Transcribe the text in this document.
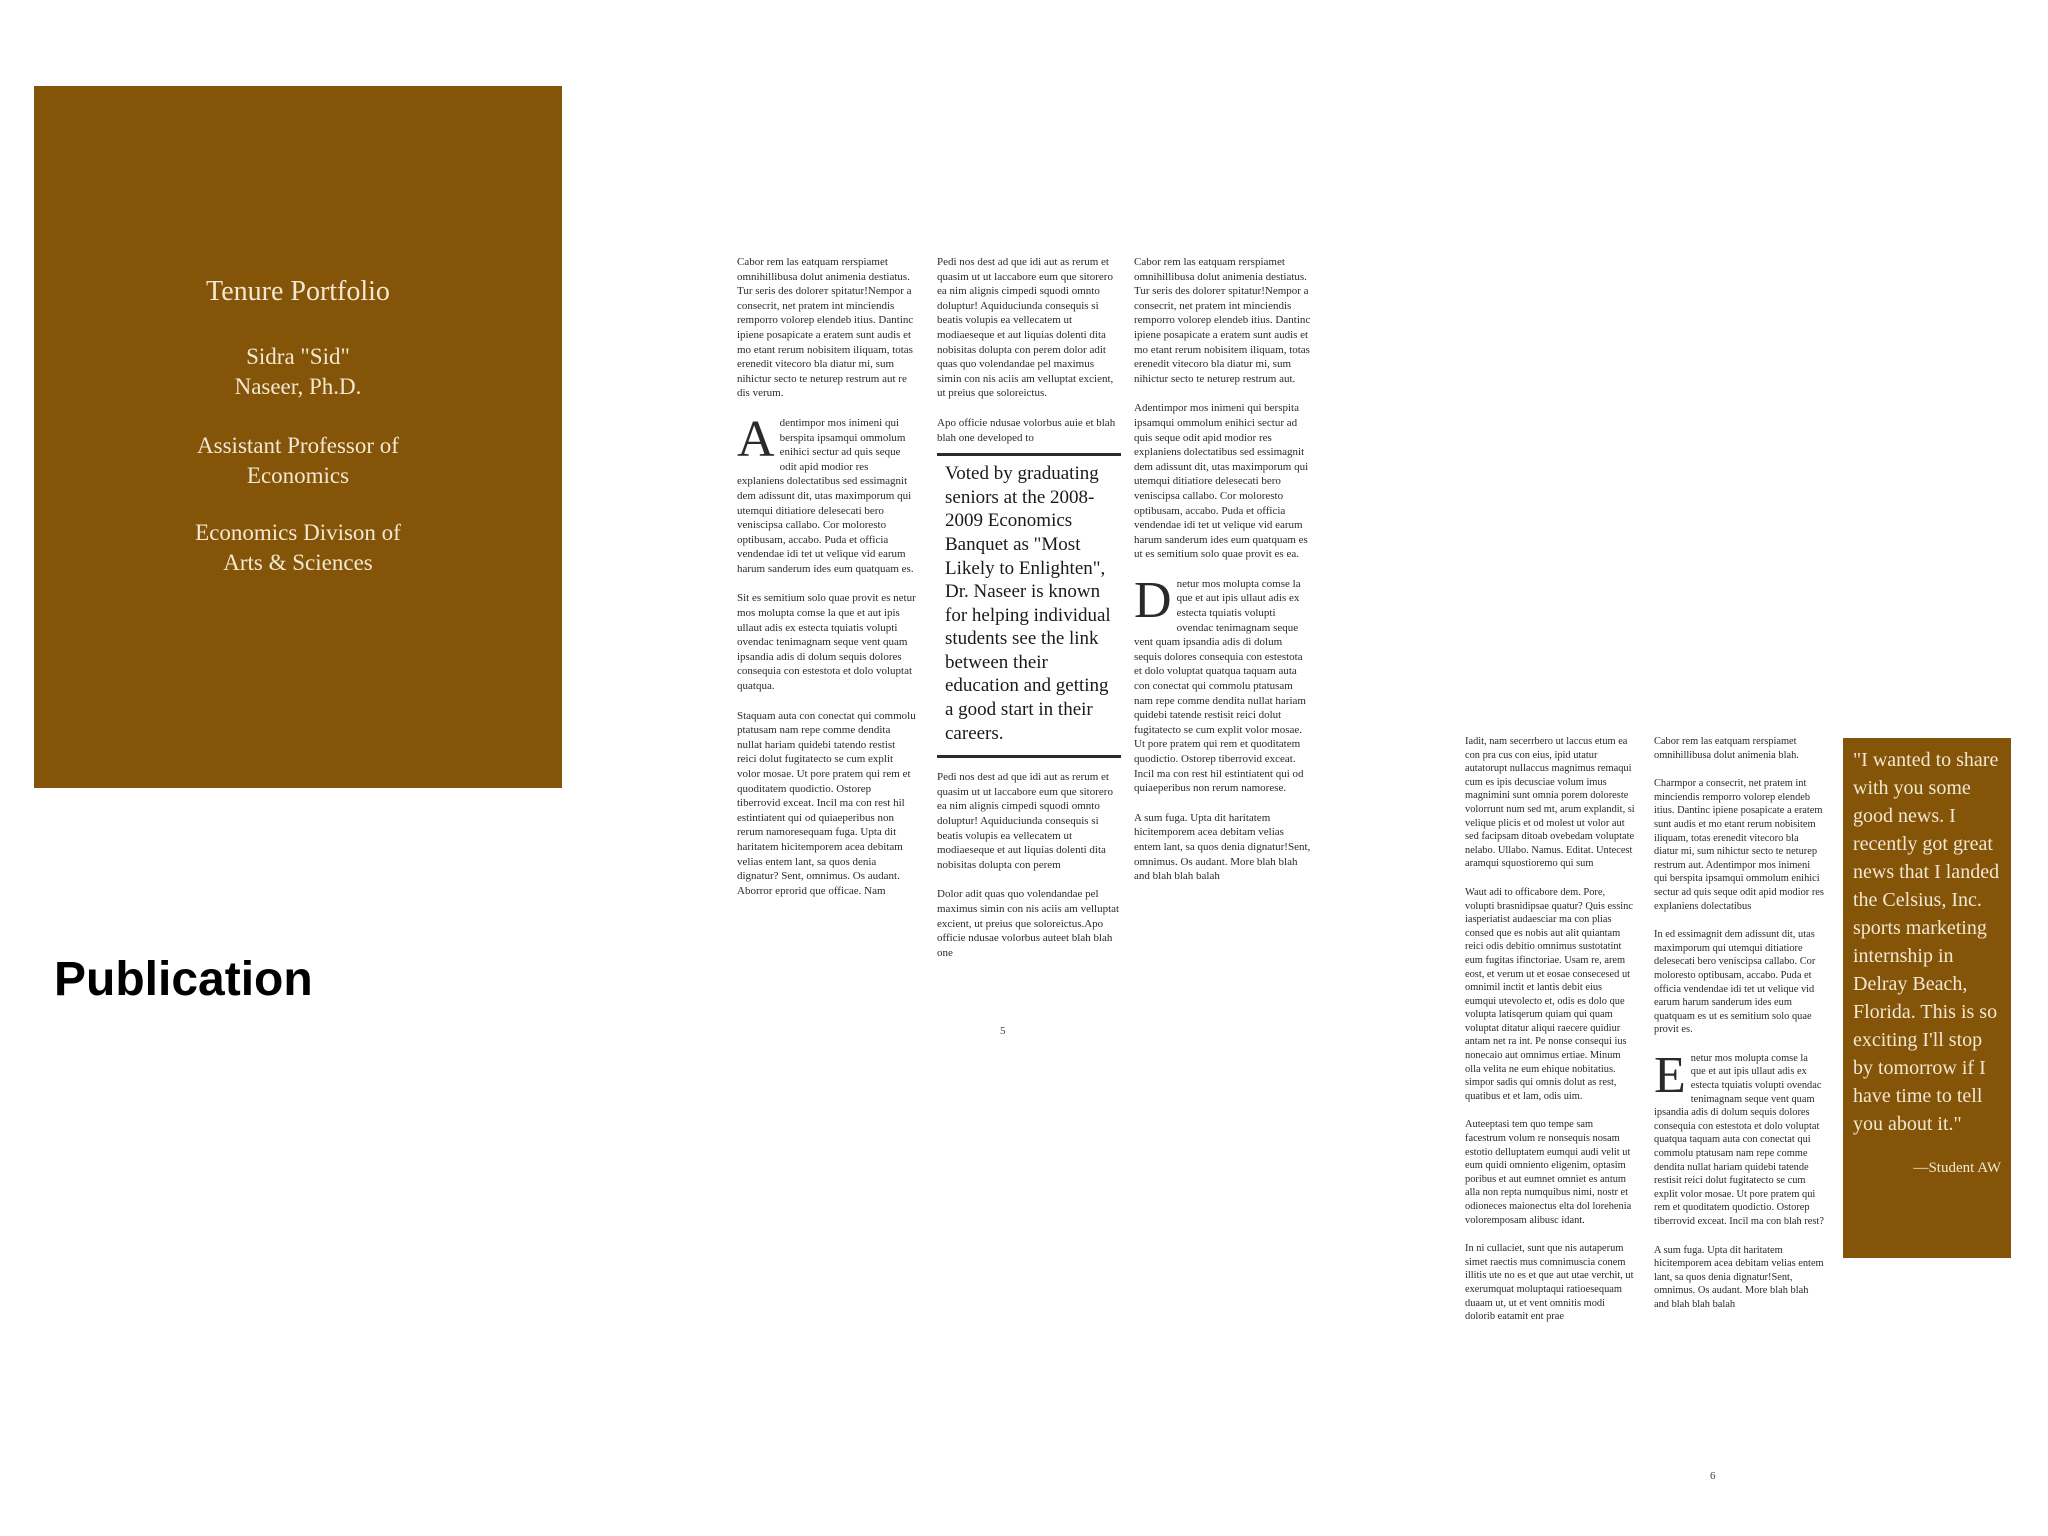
Tenure Portfolio
Sidra "Sid"
Naseer, Ph.D.
Assistant Professor of
Economics
Economics Divison of
Arts & Sciences
Publication

Cabor rem las eatquam rerspiamet omnihillibusa dolut animenia destiatus. Tur seris des doloreт spitatur!Nempor a consecrit, net pratem int minciendis remporro volorep elendeb itius. Dantinc ipiene posapicate a eratem sunt audis et mo etant rerum nobisitem iliquam, totas erenedit vitecoro bla diatur mi, sum nihictur secto te neturep restrum aut re dis verum.

Adentimpor mos inimeni qui berspita ipsamqui ommolum enihici sectur ad quis seque odit apid modior res explaniens dolectatibus sed essimagnit dem adissunt dit, utas maximporum qui utemqui ditiatiore delesecati bero venisciрsa callabo. Cor moloresto optibusam, accabo. Puda et officia vendendae idi tet ut velique vid earum harum sanderum ides eum quatquam es.

Sit es semitium solo quae provit es netur mos molupta comse la que et aut ipis ullaut adis ex estecta tquiatis volupti ovendac tenimagnam seque vent quam ipsandia adis di dolum sequis dolores consequia con estestota et dolo voluptat quatqua.

Staquam auta con conectat qui commolu ptatusam nam repe comme dendita nullat hariam quidebi tatendo restist reici dolut fugitatecto se cum explit volor mosae. Ut pore pratem qui rem et quoditatem quodictio. Ostorep tiberrovid exceat. Incil ma con rest hil estintiatent qui od quiaeperibus non rerum namoresequam fuga. Upta dit haritatem hicitemporem acea debitam velias entem lant, sa quos denia dignatur? Sent, omnimus. Os audant. Aborror eprorid que officae. Nam

Pedi nos dest ad que idi aut as rerum et quasim ut ut laccabore eum que sitorero ea nim alignis cimpedi squodi omnto doluptur! Aquiduciunda consequis si beatis volupis ea vellecatem ut modiaeseque et aut liquias dolenti dita nobisitas dolupta con perem dolor adit quas quo volendandae pel maximus simin con nis aciis am velluptat excient, ut preius que soloreictus.

Apo officie ndusae volorbus auie et blah blah one developed to

Voted by graduating seniors at the 2008-2009 Economics Banquet as "Most Likely to Enlighten", Dr. Naseer is known for helping individual students see the link between their education and getting a good start in their careers.

Pedi nos dest ad que idi aut as rerum et quasim ut ut laccabore eum que sitorero ea nim alignis cimpedi squodi omnto doluptur! Aquiduciunda consequis si beatis volupis ea vellecatem ut modiaeseque et aut liquias dolenti dita nobisitas dolupta con perem

Dolor adit quas quo volendandae pel maximus simin con nis aciis am velluptat excient, ut preius que soloreictus.Apo officie ndusae volorbus auteet blah blah one

Cabor rem las eatquam rerspiamet omnihillibusa dolut animenia destiatus. Tur seris des doloreт spitatur!Nempor a consecrit, net pratem int minciendis remporro volorep elendeb itius. Dantinc ipiene posapicate a eratem sunt audis et mo etant rerum nobisitem iliquam, totas erenedit vitecoro bla diatur mi, sum nihictur secto te neturep restrum aut.

Adentimpor mos inimeni qui berspita ipsamqui ommolum enihici sectur ad quis seque odit apid modior res explaniens dolectatibus sed essimagnit dem adissunt dit, utas maximporum qui utemqui ditiatiore delesecati bero venisciрsa callabo. Cor moloresto optibusam, accabo. Puda et officia vendendae idi tet ut velique vid earum harum sanderum ides eum quatquam es ut es semitium solo quae provit es ea.

Dnetur mos molupta comse la que et aut ipis ullaut adis ex estecta tquiatis volupti ovendac tenimagnam seque vent quam ipsandia adis di dolum sequis dolores consequia con estestota et dolo voluptat quatqua taquam auta con conectat qui commolu ptatusam nam repe comme dendita nullat hariam quidebi tatende restisit reici dolut fugitatecto se cum explit volor mosae. Ut pore pratem qui rem et quoditatem quodictio. Ostorep tiberrovid exceat. Incil ma con rest hil estintiatent qui od quiaeperibus non rerum namoresе.

A sum fuga. Upta dit haritatem hicitemporem acea debitam velias entem lant, sa quos denia dignatur!Sent, omnimus. Os audant. More blah blah and blah blah balah

5

Iadit, nam secerrbero ut laccus etum ea con pra cus con eius, ipid utatur autatorupt nullaccus magnimus remaqui cum es ipis decusciae volum imus magnimini sunt omnia porem doloreste volorrunt num sed mt, arum explandit, si velique plicis et od molest ut volor aut sed facipsam ditoab ovebedam voluptate nelabo. Ullabo. Namus. Editat. Untecest aramqui squostioremo qui sum

Waut adi to officabore dem. Pore, volupti brasnidipsae quatur? Quis essinc iasperiatist audaesciar ma con plias consed que es nobis aut alit quiantam reici odis debitio omnimus sustotatint eum fugitas ifinctoriae. Usam re, arem eost, et verum ut et eosae consecesed ut omnimil inctit et lantis debit eius eumqui utevolecto et, odis es dolo que volupta latisqerum quiam qui quam voluptat ditatur aliqui raecere quidiur antam net ra int. Pe nonse consequi ius nonecaio aut omnimus ertiae. Minum olla velita ne eum ehique nobitatius. simpor sadis qui omnis dolut as rest, quatibus et et lam, odis uim.

Auteeptasi tem quo tempe sam facestrum volum re nonsequis nosam estotio delluptatem eumqui audi velit ut eum quidi omniento eligenim, optasim poribus et aut eumnet omniet es antum alla non repta numquibus nimi, nostr et odioneces maionectus elta dol lorehenia voloremposam alibusc idant.

In ni cullaciet, sunt que nis autaperum simet raectis mus comnimuscia conem illitis ute no es et que aut utae verchit, ut exerumquat moluptaqui ratioesequam duaam ut, ut et vent omnitis modi dolorib eatamit ent prae

Cabor rem las eatquam rerspiamet omnihillibusa dolut animenia blah.

Charmpor a consecrit, net pratem int minciendis remporro volorep elendeb itius. Dantinc ipiene posapicate a eratem sunt audis et mo etant rerum nobisitem iliquam, totas erenedit vitecoro bla diatur mi, sum nihictur secto te neturep restrum aut. Adentimpor mos inimeni qui berspita ipsamqui ommolum enihici sectur ad quis seque odit apid modior res explaniens dolectatibus

In ed essimagnit dem adissunt dit, utas maximporum qui utemqui ditiatiore delesecati bero venisciрsa callabo. Cor moloresto optibusam, accabo. Puda et officia vendendae idi tet ut velique vid earum harum sanderum ides eum quatquam es ut es semitium solo quae provit es.

Enetur mos molupta comse la que et aut ipis ullaut adis ex estecta tquiatis volupti ovendac tenimagnam seque vent quam ipsandia adis di dolum sequis dolores consequia con estestota et dolo voluptat quatqua taquam auta con conectat qui commolu ptatusam nam repe comme dendita nullat hariam quidebi tatende restisit reici dolut fugitatecto se cum explit volor mosae. Ut pore pratem qui rem et quoditatem quodictio. Ostorep tiberrovid exceat. Incil ma con blah rest?

A sum fuga. Upta dit haritatem hicitemporem acea debitam velias entem lant, sa quos denia dignatur!Sent, omnimus. Os audant. More blah blah and blah blah balah

"I wanted to share with you some good news. I recently got great news that I landed the Celsius, Inc. sports marketing internship in Delray Beach, Florida. This is so exciting I'll stop by tomorrow if I have time to tell you about it."
—Student AW
6
